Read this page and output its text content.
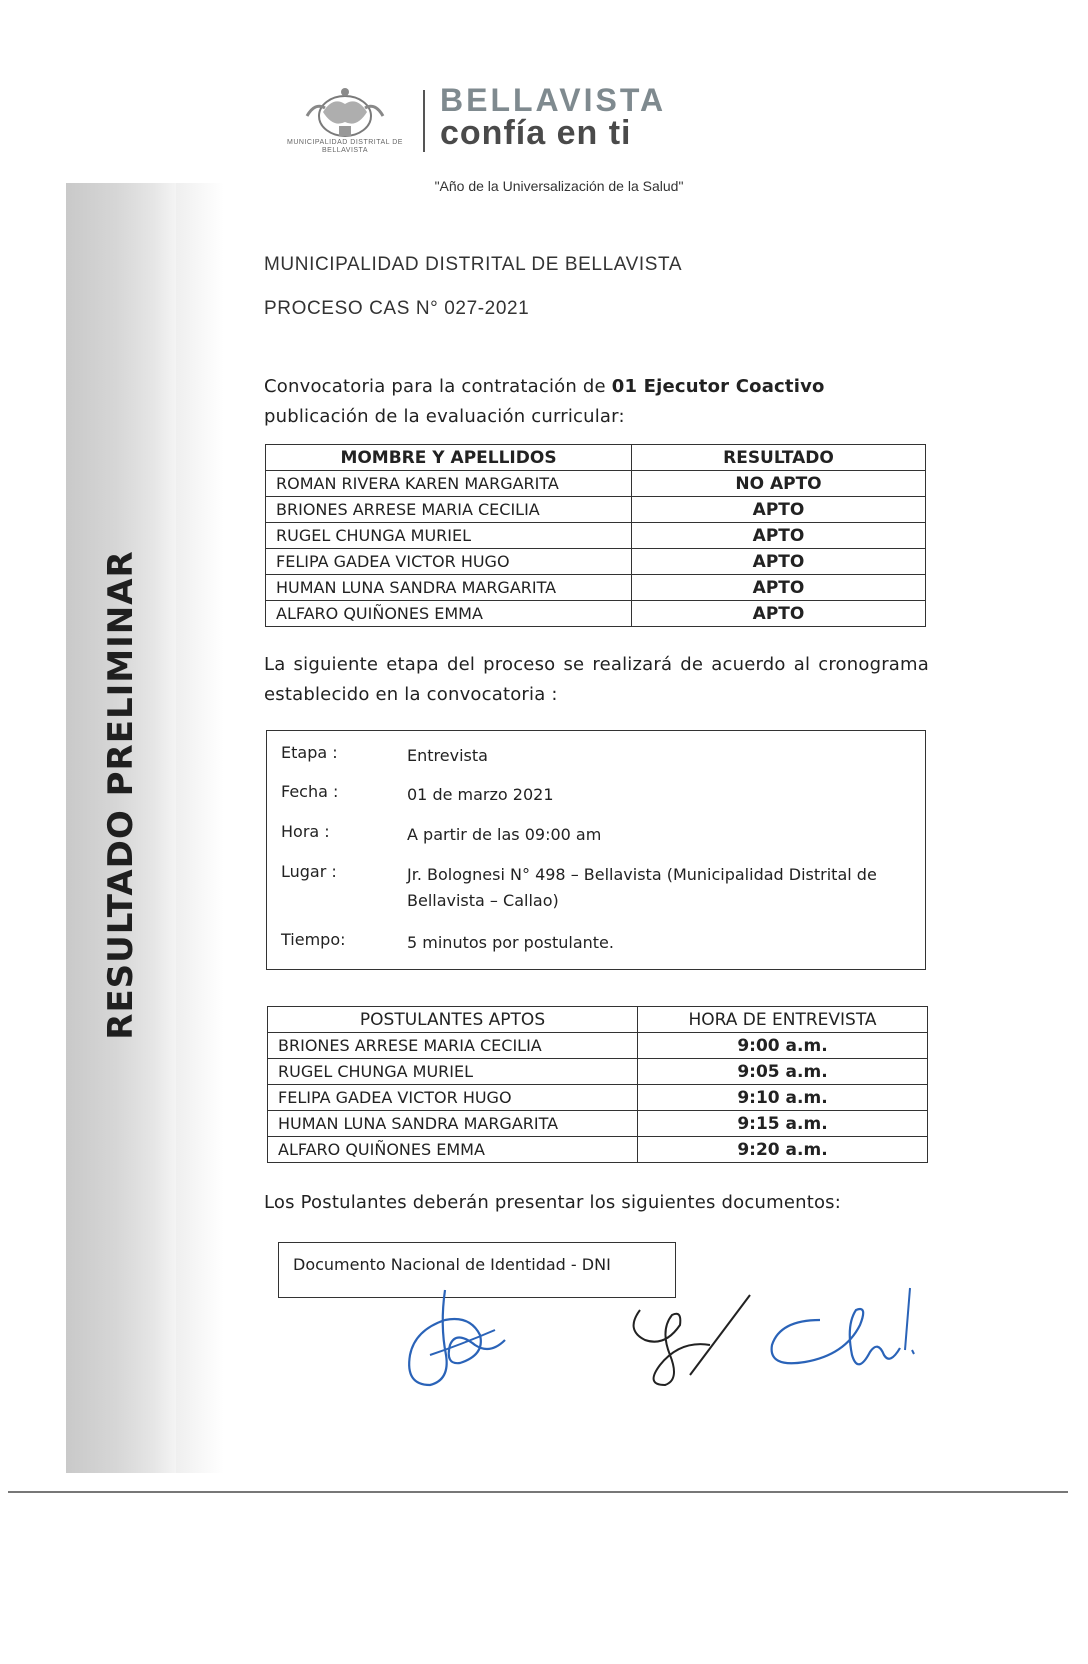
RESULTADO PRELIMINAR
MUNICIPALIDAD DISTRITAL DE BELLAVISTA
BELLAVISTA
confía en ti
"Año de la Universalización de la Salud"
MUNICIPALIDAD DISTRITAL DE BELLAVISTA
PROCESO CAS N° 027-2021
Convocatoria para la contratación de 01 Ejecutor Coactivo publicación de la evaluación curricular:
MOMBRE Y APELLIDOS	RESULTADO
ROMAN RIVERA KAREN MARGARITA	NO APTO
BRIONES ARRESE MARIA CECILIA	APTO
RUGEL CHUNGA MURIEL	APTO
FELIPA GADEA VICTOR HUGO	APTO
HUMAN LUNA SANDRA MARGARITA	APTO
ALFARO QUIÑONES EMMA	APTO
La siguiente etapa del proceso se realizará de acuerdo al cronograma
establecido en la convocatoria :
Etapa :	Entrevista
Fecha :	01 de marzo 2021
Hora :	A partir de las 09:00 am
Lugar :	Jr. Bolognesi N° 498 – Bellavista (Municipalidad Distrital de
Bellavista – Callao)
Tiempo:	5 minutos por postulante.
POSTULANTES APTOS	HORA DE ENTREVISTA
BRIONES ARRESE MARIA CECILIA	9:00 a.m.
RUGEL CHUNGA MURIEL	9:05 a.m.
FELIPA GADEA VICTOR HUGO	9:10 a.m.
HUMAN LUNA SANDRA MARGARITA	9:15 a.m.
ALFARO QUIÑONES EMMA	9:20 a.m.
Los Postulantes deberán presentar los siguientes documentos:
Documento Nacional de Identidad - DNI
